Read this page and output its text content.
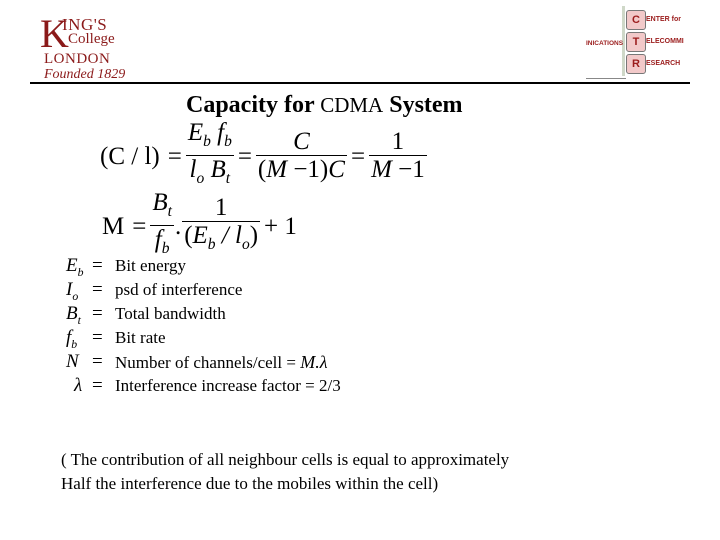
K
ING'S
College
LONDON
Founded 1829
C ENTER for
T ELECOMMI
R ESEARCH
INICATIONS
Capacity for CDMA System
$(C / l) = \frac{E_b f_b}{l_o B_t} = \frac{C}{(M -1)C} = \frac{1}{M -1}$
$M = \frac{B_t}{f_b}$ . $\frac{1}{(E_b / l_o)} + 1$
$E_b$ = Bit energy
$I_o$ = psd of interference
$B_t$ = Total bandwidth
$f_b$ = Bit rate
N = Number of channels/cell = M.λ
λ = Interference increase factor = 2/3
( The contribution of all neighbour cells is equal to approximately
Half the interference due to the mobiles within the cell)
